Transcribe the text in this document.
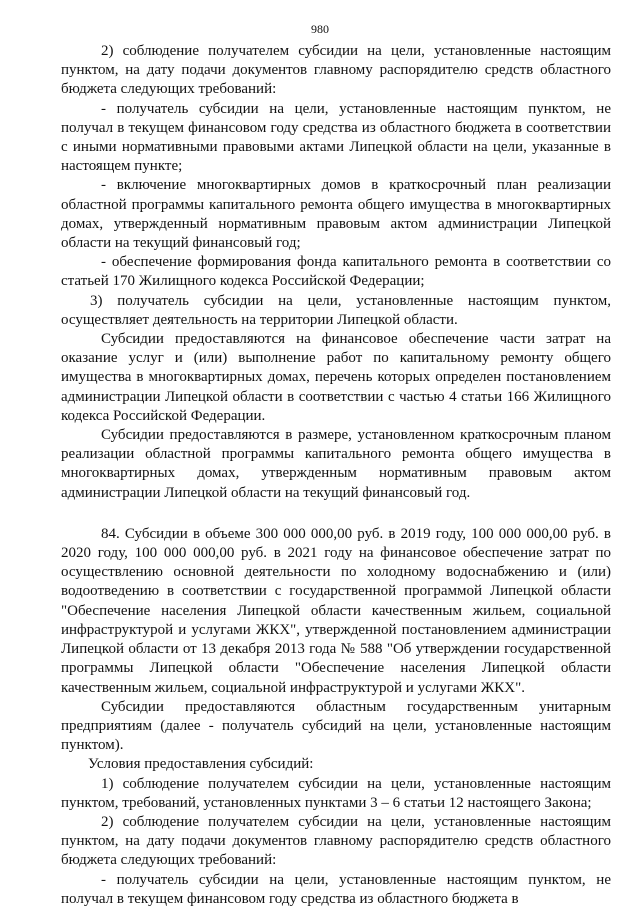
980

2) соблюдение получателем субсидии на цели, установленные настоящим пунктом, на дату подачи документов главному распорядителю средств областного бюджета следующих требований:

- получатель субсидии на цели, установленные настоящим пунктом, не получал в текущем финансовом году средства из областного бюджета в соответствии с иными нормативными правовыми актами Липецкой области на цели, указанные в настоящем пункте;

- включение многоквартирных домов в краткосрочный план реализации областной программы капитального ремонта общего имущества в многоквартирных домах, утвержденный нормативным правовым актом администрации Липецкой области на текущий финансовый год;

- обеспечение формирования фонда капитального ремонта в соответствии со статьей 170 Жилищного кодекса Российской Федерации;

3) получатель субсидии на цели, установленные настоящим пунктом, осуществляет деятельность на территории Липецкой области.

Субсидии предоставляются на финансовое обеспечение части затрат на оказание услуг и (или) выполнение работ по капитальному ремонту общего имущества в многоквартирных домах, перечень которых определен постановлением администрации Липецкой области в соответствии с частью 4 статьи 166 Жилищного кодекса Российской Федерации.

Субсидии предоставляются в размере, установленном краткосрочным планом реализации областной программы капитального ремонта общего имущества в многоквартирных домах, утвержденным нормативным правовым актом администрации Липецкой области на текущий финансовый год.

84. Субсидии в объеме 300 000 000,00 руб. в 2019 году, 100 000 000,00 руб. в 2020 году, 100 000 000,00 руб. в 2021 году на финансовое обеспечение затрат по осуществлению основной деятельности по холодному водоснабжению и (или) водоотведению в соответствии с государственной программой Липецкой области "Обеспечение населения Липецкой области качественным жильем, социальной инфраструктурой и услугами ЖКХ", утвержденной постановлением администрации Липецкой области от 13 декабря 2013 года № 588 "Об утверждении государственной программы Липецкой области "Обеспечение населения Липецкой области качественным жильем, социальной инфраструктурой и услугами ЖКХ".

Субсидии предоставляются областным государственным унитарным предприятиям (далее - получатель субсидий на цели, установленные настоящим пунктом).

Условия предоставления субсидий:

1) соблюдение получателем субсидии на цели, установленные настоящим пунктом, требований, установленных пунктами 3 – 6 статьи 12 настоящего Закона;

2) соблюдение получателем субсидии на цели, установленные настоящим пунктом, на дату подачи документов главному распорядителю средств областного бюджета следующих требований:

- получатель субсидии на цели, установленные настоящим пунктом, не получал в текущем финансовом году средства из областного бюджета в
